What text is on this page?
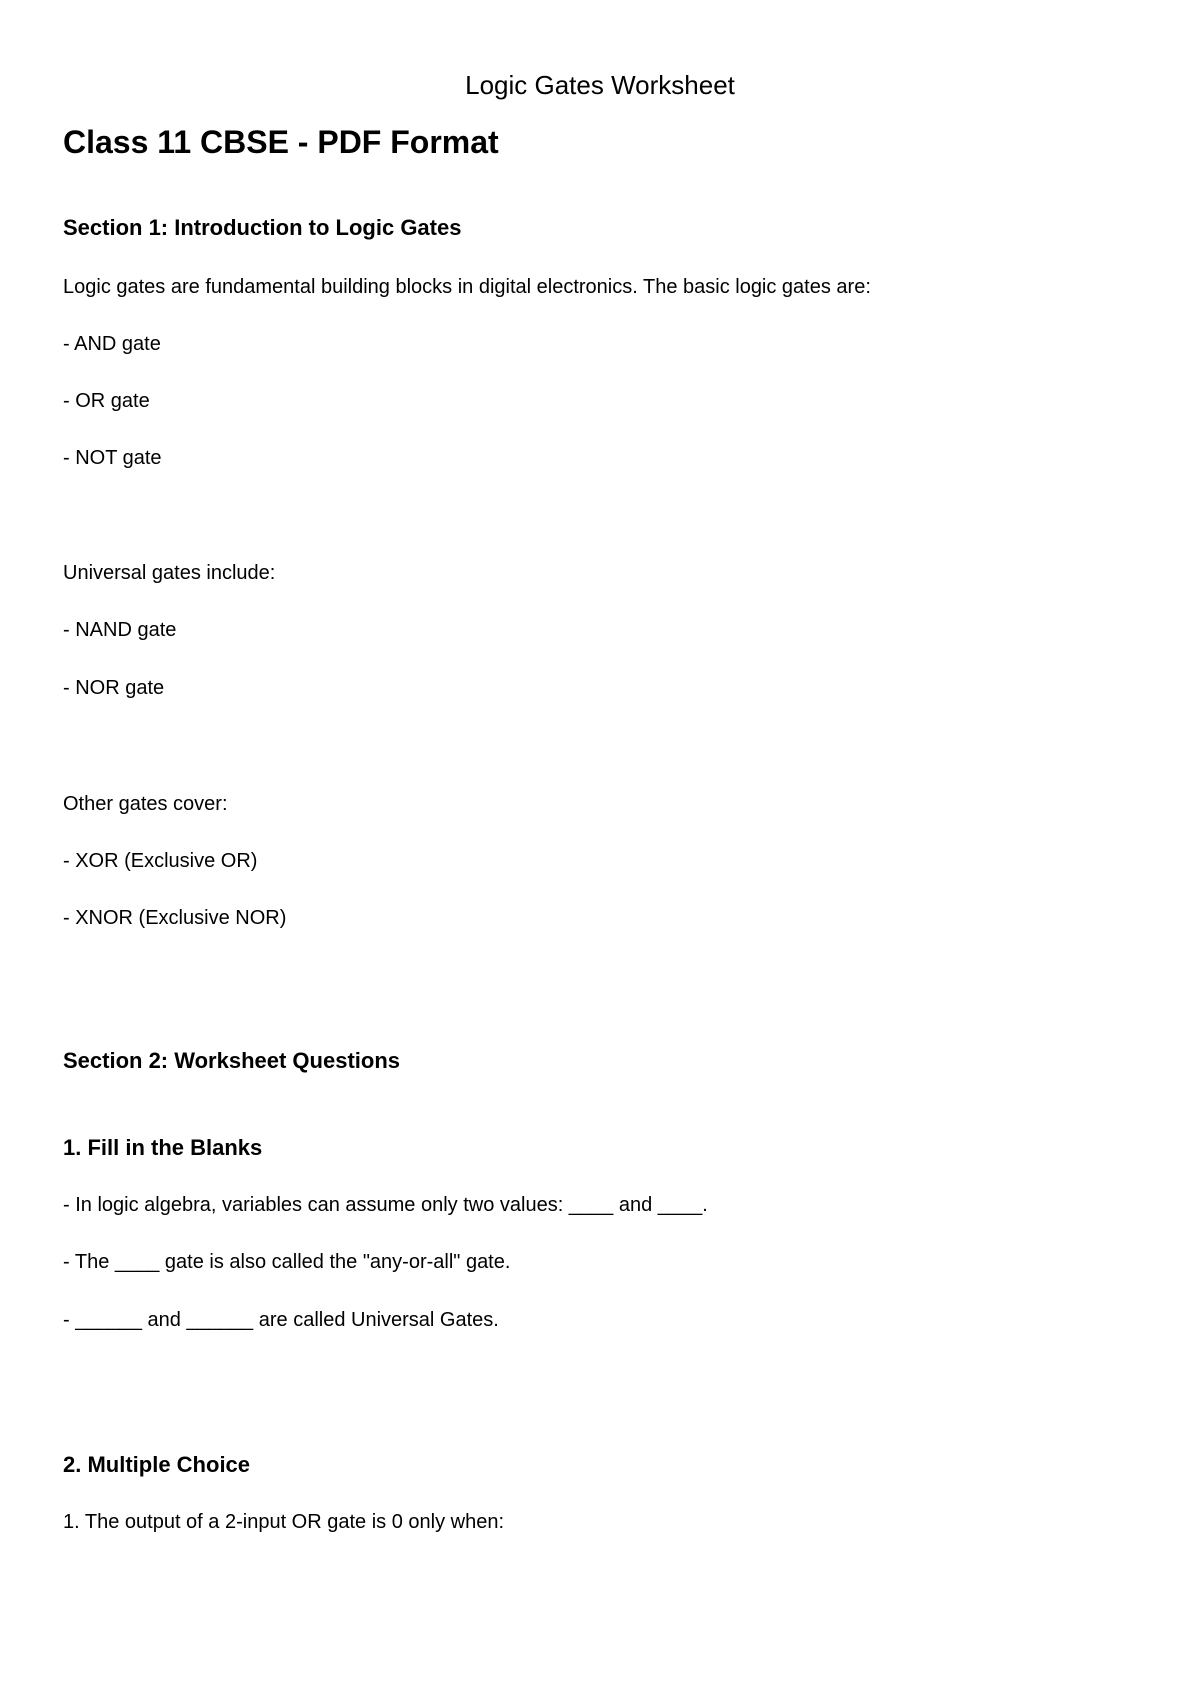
Logic Gates Worksheet
Class 11 CBSE - PDF Format
Section 1: Introduction to Logic Gates
Logic gates are fundamental building blocks in digital electronics. The basic logic gates are:
- AND gate
- OR gate
- NOT gate
Universal gates include:
- NAND gate
- NOR gate
Other gates cover:
- XOR (Exclusive OR)
- XNOR (Exclusive NOR)
Section 2: Worksheet Questions
1. Fill in the Blanks
- In logic algebra, variables can assume only two values: ____ and ____.
- The ____ gate is also called the "any-or-all" gate.
- ______ and ______ are called Universal Gates.
2. Multiple Choice
1. The output of a 2-input OR gate is 0 only when:
